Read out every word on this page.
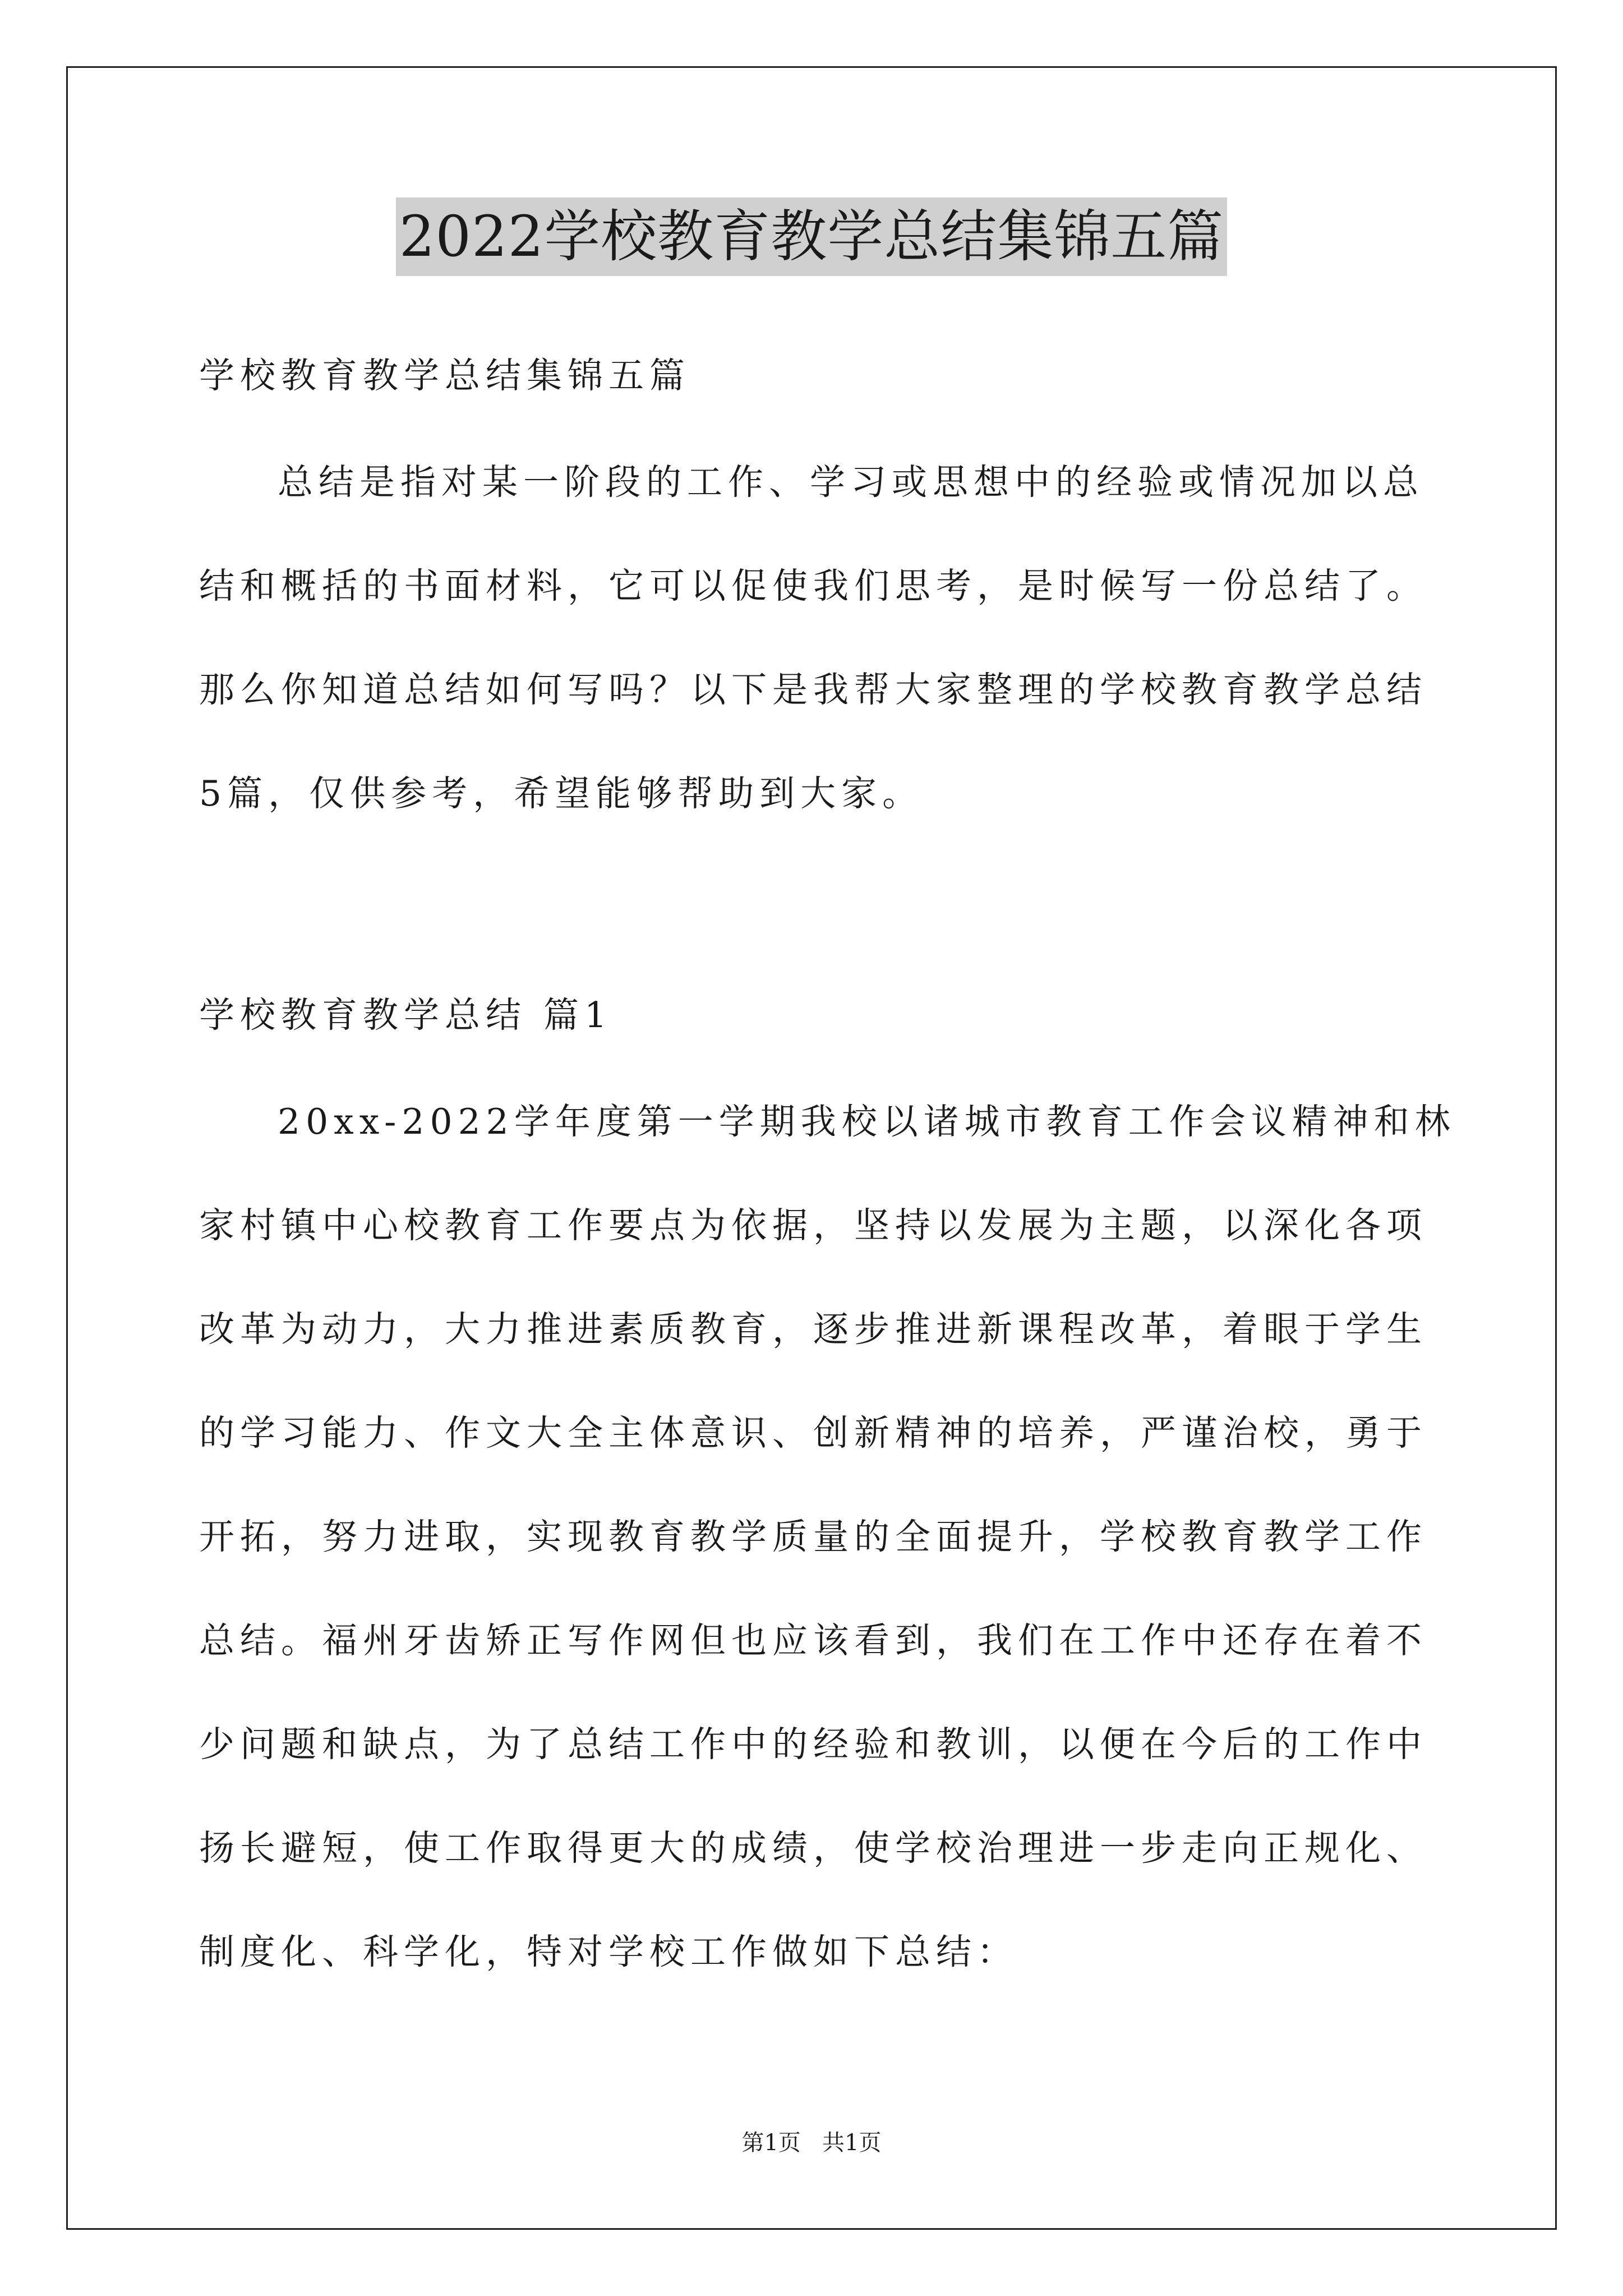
2022学校教育教学总结集锦五篇
学校教育教学总结集锦五篇
总结是指对某一阶段的工作、学习或思想中的经验或情况加以总
结和概括的书面材料，它可以促使我们思考，是时候写一份总结了。
那么你知道总结如何写吗？以下是我帮大家整理的学校教育教学总结
5篇，仅供参考，希望能够帮助到大家。
学校教育教学总结 篇1
20xx-2022学年度第一学期我校以诸城市教育工作会议精神和林
家村镇中心校教育工作要点为依据，坚持以发展为主题，以深化各项
改革为动力，大力推进素质教育，逐步推进新课程改革，着眼于学生
的学习能力、作文大全主体意识、创新精神的培养，严谨治校，勇于
开拓，努力进取，实现教育教学质量的全面提升，学校教育教学工作
总结。福州牙齿矫正写作网但也应该看到，我们在工作中还存在着不
少问题和缺点，为了总结工作中的经验和教训，以便在今后的工作中
扬长避短，使工作取得更大的成绩，使学校治理进一步走向正规化、
制度化、科学化，特对学校工作做如下总结：
第1页   共1页
